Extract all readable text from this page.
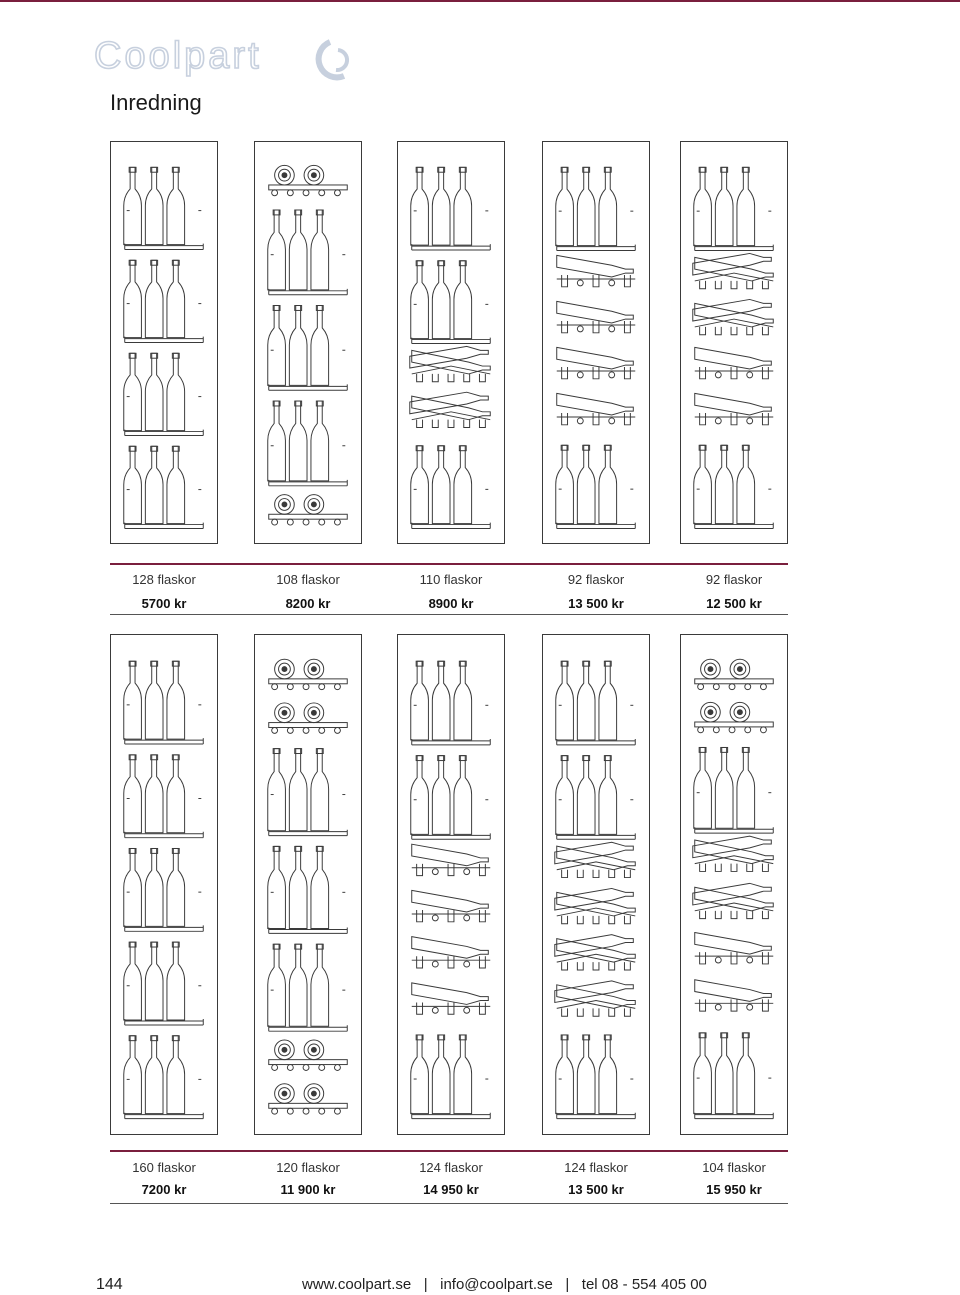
Coolpart
Inredning
128 flaskor
5700 kr
108 flaskor
8200 kr
110 flaskor
8900 kr
92 flaskor
13 500 kr
92 flaskor
12 500 kr
160 flaskor
7200 kr
120 flaskor
11 900 kr
124 flaskor
14 950 kr
124 flaskor
13 500 kr
104 flaskor
15 950 kr
144	www.coolpart.se   |   info@coolpart.se   |   tel 08 - 554 405 00
